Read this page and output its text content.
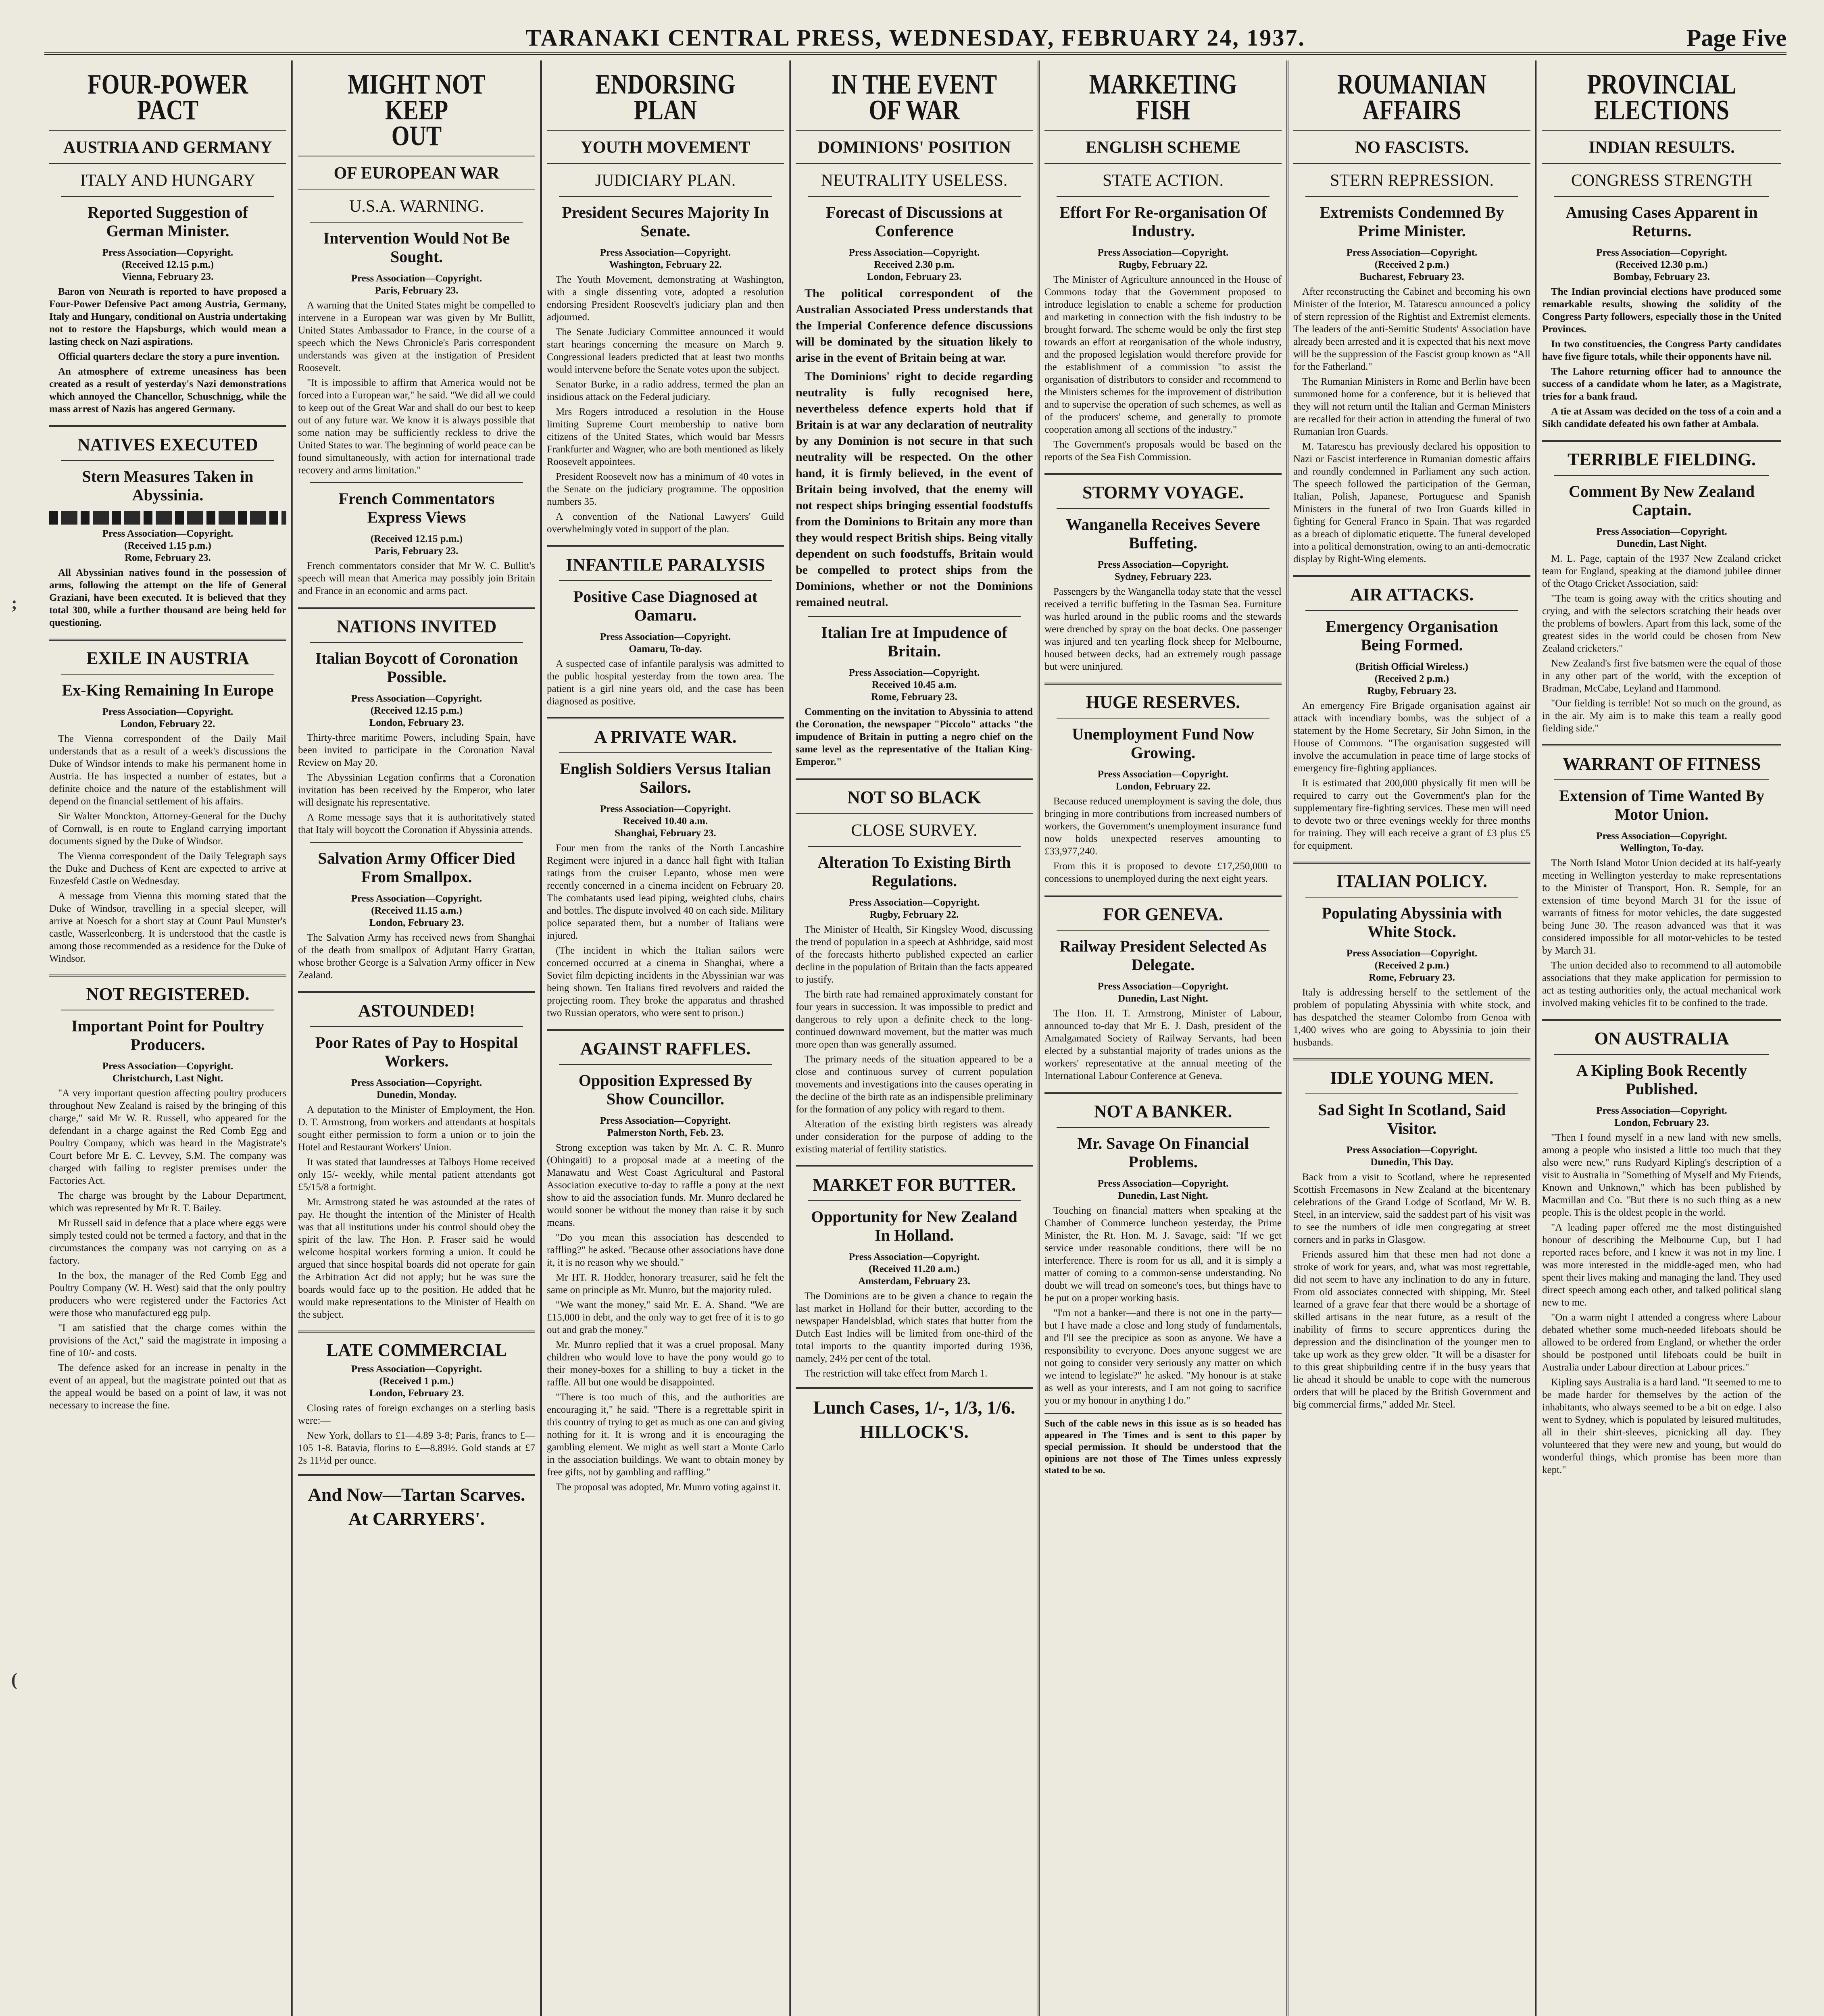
TARANAKI CENTRAL PRESS, WEDNESDAY, FEBRUARY 24, 1937.	Page Five
;
(
FOUR-POWER
PACT
AUSTRIA AND GERMANY
ITALY AND HUNGARY
Reported Suggestion of German Minister.
Press Association—Copyright.
(Received 12.15 p.m.)
Vienna, February 23.

Baron von Neurath is reported to have proposed a Four-Power Defensive Pact among Austria, Germany, Italy and Hungary, conditional on Austria undertaking not to restore the Hapsburgs, which would mean a lasting check on Nazi aspirations.

Official quarters declare the story a pure invention.

An atmosphere of extreme uneasiness has been created as a result of yesterday's Nazi demonstrations which annoyed the Chancellor, Schuschnigg, while the mass arrest of Nazis has angered Germany.

NATIVES EXECUTED
Stern Measures Taken in Abyssinia.
Press Association—Copyright.
(Received 1.15 p.m.)
Rome, February 23.

All Abyssinian natives found in the possession of arms, following the attempt on the life of General Graziani, have been executed. It is believed that they total 300, while a further thousand are being held for questioning.

EXILE IN AUSTRIA
Ex-King Remaining In Europe
Press Association—Copyright.
London, February 22.

The Vienna correspondent of the Daily Mail understands that as a result of a week's discussions the Duke of Windsor intends to make his permanent home in Austria. He has inspected a number of estates, but a definite choice and the nature of the establishment will depend on the financial settlement of his affairs.

Sir Walter Monckton, Attorney-General for the Duchy of Cornwall, is en route to England carrying important documents signed by the Duke of Windsor.

The Vienna correspondent of the Daily Telegraph says the Duke and Duchess of Kent are expected to arrive at Enzesfeld Castle on Wednesday.

A message from Vienna this morning stated that the Duke of Windsor, travelling in a special sleeper, will arrive at Noesch for a short stay at Count Paul Munster's castle, Wasserleonberg. It is understood that the castle is among those recommended as a residence for the Duke of Windsor.

NOT REGISTERED.
Important Point for Poultry Producers.
Press Association—Copyright.
Christchurch, Last Night.

"A very important question affecting poultry producers throughout New Zealand is raised by the bringing of this charge," said Mr W. R. Russell, who appeared for the defendant in a charge against the Red Comb Egg and Poultry Company, which was heard in the Magistrate's Court before Mr E. C. Levvey, S.M. The company was charged with failing to register premises under the Factories Act.

The charge was brought by the Labour Department, which was represented by Mr R. T. Bailey.

Mr Russell said in defence that a place where eggs were simply tested could not be termed a factory, and that in the circumstances the company was not carrying on as a factory.

In the box, the manager of the Red Comb Egg and Poultry Company (W. H. West) said that the only poultry producers who were registered under the Factories Act were those who manufactured egg pulp.

"I am satisfied that the charge comes within the provisions of the Act," said the magistrate in imposing a fine of 10/- and costs.

The defence asked for an increase in penalty in the event of an appeal, but the magistrate pointed out that as the appeal would be based on a point of law, it was not necessary to increase the fine.

MIGHT NOT KEEP
OUT
OF EUROPEAN WAR
U.S.A. WARNING.
Intervention Would Not Be Sought.
Press Association—Copyright.
Paris, February 23.

A warning that the United States might be compelled to intervene in a European war was given by Mr Bullitt, United States Ambassador to France, in the course of a speech which the News Chronicle's Paris correspondent understands was given at the instigation of President Roosevelt.

"It is impossible to affirm that America would not be forced into a European war," he said. "We did all we could to keep out of the Great War and shall do our best to keep out of any future war. We know it is always possible that some nation may be sufficiently reckless to drive the United States to war. The beginning of world peace can be found simultaneously, with action for international trade recovery and arms limitation."

French Commentators Express Views
(Received 12.15 p.m.)
Paris, February 23.

French commentators consider that Mr W. C. Bullitt's speech will mean that America may possibly join Britain and France in an economic and arms pact.

NATIONS INVITED
Italian Boycott of Coronation Possible.
Press Association—Copyright.
(Received 12.15 p.m.)
London, February 23.

Thirty-three maritime Powers, including Spain, have been invited to participate in the Coronation Naval Review on May 20.

The Abyssinian Legation confirms that a Coronation invitation has been received by the Emperor, who later will designate his representative.

A Rome message says that it is authoritatively stated that Italy will boycott the Coronation if Abyssinia attends.

Salvation Army Officer Died From Smallpox.
Press Association—Copyright.
(Received 11.15 a.m.)
London, February 23.

The Salvation Army has received news from Shanghai of the death from smallpox of Adjutant Harry Grattan, whose brother George is a Salvation Army officer in New Zealand.

ASTOUNDED!
Poor Rates of Pay to Hospital Workers.
Press Association—Copyright.
Dunedin, Monday.

A deputation to the Minister of Employment, the Hon. D. T. Armstrong, from workers and attendants at hospitals sought either permission to form a union or to join the Hotel and Restaurant Workers' Union.

It was stated that laundresses at Talboys Home received only 15/- weekly, while mental patient attendants got £5/15/8 a fortnight.

Mr. Armstrong stated he was astounded at the rates of pay. He thought the intention of the Minister of Health was that all institutions under his control should obey the spirit of the law. The Hon. P. Fraser said he would welcome hospital workers forming a union. It could be argued that since hospital boards did not operate for gain the Arbitration Act did not apply; but he was sure the boards would face up to the position. He added that he would make representations to the Minister of Health on the subject.

LATE COMMERCIAL
Press Association—Copyright.
(Received 1 p.m.)
London, February 23.

Closing rates of foreign exchanges on a sterling basis were:—

New York, dollars to £1—4.89 3-8; Paris, francs to £—105 1-8. Batavia, florins to £—8.89½. Gold stands at £7 2s 11½d per ounce.

And Now—Tartan Scarves.
At CARRYERS'.
ENDORSING
PLAN
YOUTH MOVEMENT
JUDICIARY PLAN.
President Secures Majority In Senate.
Press Association—Copyright.
Washington, February 22.

The Youth Movement, demonstrating at Washington, with a single dissenting vote, adopted a resolution endorsing President Roosevelt's judiciary plan and then adjourned.

The Senate Judiciary Committee announced it would start hearings concerning the measure on March 9. Congressional leaders predicted that at least two months would intervene before the Senate votes upon the subject.

Senator Burke, in a radio address, termed the plan an insidious attack on the Federal judiciary.

Mrs Rogers introduced a resolution in the House limiting Supreme Court membership to native born citizens of the United States, which would bar Messrs Frankfurter and Wagner, who are both mentioned as likely Roosevelt appointees.

President Roosevelt now has a minimum of 40 votes in the Senate on the judiciary programme. The opposition numbers 35.

A convention of the National Lawyers' Guild overwhelmingly voted in support of the plan.

INFANTILE PARALYSIS
Positive Case Diagnosed at Oamaru.
Press Association—Copyright.
Oamaru, To-day.

A suspected case of infantile paralysis was admitted to the public hospital yesterday from the town area. The patient is a girl nine years old, and the case has been diagnosed as positive.

A PRIVATE WAR.
English Soldiers Versus Italian Sailors.
Press Association—Copyright.
Received 10.40 a.m.
Shanghai, February 23.

Four men from the ranks of the North Lancashire Regiment were injured in a dance hall fight with Italian ratings from the cruiser Lepanto, whose men were recently concerned in a cinema incident on February 20. The combatants used lead piping, weighted clubs, chairs and bottles. The dispute involved 40 on each side. Military police separated them, but a number of Italians were injured.

(The incident in which the Italian sailors were concerned occurred at a cinema in Shanghai, where a Soviet film depicting incidents in the Abyssinian war was being shown. Ten Italians fired revolvers and raided the projecting room. They broke the apparatus and thrashed two Russian operators, who were sent to prison.)

AGAINST RAFFLES.
Opposition Expressed By Show Councillor.
Press Association—Copyright.
Palmerston North, Feb. 23.

Strong exception was taken by Mr. A. C. R. Munro (Ohingaiti) to a proposal made at a meeting of the Manawatu and West Coast Agricultural and Pastoral Association executive to-day to raffle a pony at the next show to aid the association funds. Mr. Munro declared he would sooner be without the money than raise it by such means.

"Do you mean this association has descended to raffling?" he asked. "Because other associations have done it, it is no reason why we should."

Mr HT. R. Hodder, honorary treasurer, said he felt the same on principle as Mr. Munro, but the majority ruled.

"We want the money," said Mr. E. A. Shand. "We are £15,000 in debt, and the only way to get free of it is to go out and grab the money."

Mr. Munro replied that it was a cruel proposal. Many children who would love to have the pony would go to their money-boxes for a shilling to buy a ticket in the raffle. All but one would be disappointed.

"There is too much of this, and the authorities are encouraging it," he said. "There is a regrettable spirit in this country of trying to get as much as one can and giving nothing for it. It is wrong and it is encouraging the gambling element. We might as well start a Monte Carlo in the association buildings. We want to obtain money by free gifts, not by gambling and raffling."

The proposal was adopted, Mr. Munro voting against it.

IN THE EVENT
OF WAR
DOMINIONS' POSITION
NEUTRALITY USELESS.
Forecast of Discussions at Conference
Press Association—Copyright.
Received 2.30 p.m.
London, February 23.

The political correspondent of the Australian Associated Press understands that the Imperial Conference defence discussions will be dominated by the situation likely to arise in the event of Britain being at war.

The Dominions' right to decide regarding neutrality is fully recognised here, nevertheless defence experts hold that if Britain is at war any declaration of neutrality by any Dominion is not secure in that such neutrality will be respected. On the other hand, it is firmly believed, in the event of Britain being involved, that the enemy will not respect ships bringing essential foodstuffs from the Dominions to Britain any more than they would respect British ships. Being vitally dependent on such foodstuffs, Britain would be compelled to protect ships from the Dominions, whether or not the Dominions remained neutral.

Italian Ire at Impudence of Britain.
Press Association—Copyright.
Received 10.45 a.m.
Rome, February 23.

Commenting on the invitation to Abyssinia to attend the Coronation, the newspaper "Piccolo" attacks "the impudence of Britain in putting a negro chief on the same level as the representative of the Italian King-Emperor."

NOT SO BLACK
CLOSE SURVEY.
Alteration To Existing Birth Regulations.
Press Association—Copyright.
Rugby, February 22.

The Minister of Health, Sir Kingsley Wood, discussing the trend of population in a speech at Ashbridge, said most of the forecasts hitherto published expected an earlier decline in the population of Britain than the facts appeared to justify.

The birth rate had remained approximately constant for four years in succession. It was impossible to predict and dangerous to rely upon a definite check to the long-continued downward movement, but the matter was much more open than was generally assumed.

The primary needs of the situation appeared to be a close and continuous survey of current population movements and investigations into the causes operating in the decline of the birth rate as an indispensible preliminary for the formation of any policy with regard to them.

Alteration of the existing birth registers was already under consideration for the purpose of adding to the existing material of fertility statistics.

MARKET FOR BUTTER.
Opportunity for New Zealand In Holland.
Press Association—Copyright.
(Received 11.20 a.m.)
Amsterdam, February 23.

The Dominions are to be given a chance to regain the last market in Holland for their butter, according to the newspaper Handelsblad, which states that butter from the Dutch East Indies will be limited from one-third of the total imports to the quantity imported during 1936, namely, 24½ per cent of the total.

The restriction will take effect from March 1.

Lunch Cases, 1/-, 1/3, 1/6.
HILLOCK'S.
MARKETING
FISH
ENGLISH SCHEME
STATE ACTION.
Effort For Re-organisation Of Industry.
Press Association—Copyright.
Rugby, February 22.

The Minister of Agriculture announced in the House of Commons today that the Government proposed to introduce legislation to enable a scheme for production and marketing in connection with the fish industry to be brought forward. The scheme would be only the first step towards an effort at reorganisation of the whole industry, and the proposed legislation would therefore provide for the establishment of a commission "to assist the organisation of distributors to consider and recommend to the Ministers schemes for the improvement of distribution and to supervise the operation of such schemes, as well as of the producers' scheme, and generally to promote cooperation among all sections of the industry."

The Government's proposals would be based on the reports of the Sea Fish Commission.

STORMY VOYAGE.
Wanganella Receives Severe Buffeting.
Press Association—Copyright.
Sydney, February 223.

Passengers by the Wanganella today state that the vessel received a terrific buffeting in the Tasman Sea. Furniture was hurled around in the public rooms and the stewards were drenched by spray on the boat decks. One passenger was injured and ten yearling flock sheep for Melbourne, housed between decks, had an extremely rough passage but were uninjured.

HUGE RESERVES.
Unemployment Fund Now Growing.
Press Association—Copyright.
London, February 22.

Because reduced unemployment is saving the dole, thus bringing in more contributions from increased numbers of workers, the Government's unemployment insurance fund now holds unexpected reserves amounting to £33,977,240.

From this it is proposed to devote £17,250,000 to concessions to unemployed during the next eight years.

FOR GENEVA.
Railway President Selected As Delegate.
Press Association—Copyright.
Dunedin, Last Night.

The Hon. H. T. Armstrong, Minister of Labour, announced to-day that Mr E. J. Dash, president of the Amalgamated Society of Railway Servants, had been elected by a substantial majority of trades unions as the workers' representative at the annual meeting of the International Labour Conference at Geneva.

NOT A BANKER.
Mr. Savage On Financial Problems.
Press Association—Copyright.
Dunedin, Last Night.

Touching on financial matters when speaking at the Chamber of Commerce luncheon yesterday, the Prime Minister, the Rt. Hon. M. J. Savage, said: "If we get service under reasonable conditions, there will be no interference. There is room for us all, and it is simply a matter of coming to a common-sense understanding. No doubt we will tread on someone's toes, but things have to be put on a proper working basis.

"I'm not a banker—and there is not one in the party—but I have made a close and long study of fundamentals, and I'll see the precipice as soon as anyone. We have a responsibility to everyone. Does anyone suggest we are not going to consider very seriously any matter on which we intend to legislate?" he asked. "My honour is at stake as well as your interests, and I am not going to sacrifice you or my honour in anything I do."

Such of the cable news in this issue as is so headed has appeared in The Times and is sent to this paper by special permission. It should be understood that the opinions are not those of The Times unless expressly stated to be so.
ROUMANIAN
AFFAIRS
NO FASCISTS.
STERN REPRESSION.
Extremists Condemned By Prime Minister.
Press Association—Copyright.
(Received 2 p.m.)
Bucharest, February 23.

After reconstructing the Cabinet and becoming his own Minister of the Interior, M. Tatarescu announced a policy of stern repression of the Rightist and Extremist elements. The leaders of the anti-Semitic Students' Association have already been arrested and it is expected that his next move will be the suppression of the Fascist group known as "All for the Fatherland."

The Rumanian Ministers in Rome and Berlin have been summoned home for a conference, but it is believed that they will not return until the Italian and German Ministers are recalled for their action in attending the funeral of two Rumanian Iron Guards.

M. Tatarescu has previously declared his opposition to Nazi or Fascist interference in Rumanian domestic affairs and roundly condemned in Parliament any such action. The speech followed the participation of the German, Italian, Polish, Japanese, Portuguese and Spanish Ministers in the funeral of two Iron Guards killed in fighting for General Franco in Spain. That was regarded as a breach of diplomatic etiquette. The funeral developed into a political demonstration, owing to an anti-democratic display by Right-Wing elements.

AIR ATTACKS.
Emergency Organisation Being Formed.
(British Official Wireless.)
(Received 2 p.m.)
Rugby, February 23.

An emergency Fire Brigade organisation against air attack with incendiary bombs, was the subject of a statement by the Home Secretary, Sir John Simon, in the House of Commons. "The organisation suggested will involve the accumulation in peace time of large stocks of emergency fire-fighting appliances.

It is estimated that 200,000 physically fit men will be required to carry out the Government's plan for the supplementary fire-fighting services. These men will need to devote two or three evenings weekly for three months for training. They will each receive a grant of £3 plus £5 for equipment.

ITALIAN POLICY.
Populating Abyssinia with White Stock.
Press Association—Copyright.
(Received 2 p.m.)
Rome, February 23.

Italy is addressing herself to the settlement of the problem of populating Abyssinia with white stock, and has despatched the steamer Colombo from Genoa with 1,400 wives who are going to Abyssinia to join their husbands.

IDLE YOUNG MEN.
Sad Sight In Scotland, Said Visitor.
Press Association—Copyright.
Dunedin, This Day.

Back from a visit to Scotland, where he represented Scottish Freemasons in New Zealand at the bicentenary celebrations of the Grand Lodge of Scotland, Mr W. B. Steel, in an interview, said the saddest part of his visit was to see the numbers of idle men congregating at street corners and in parks in Glasgow.

Friends assured him that these men had not done a stroke of work for years, and, what was most regrettable, did not seem to have any inclination to do any in future. From old associates connected with shipping, Mr. Steel learned of a grave fear that there would be a shortage of skilled artisans in the near future, as a result of the inability of firms to secure apprentices during the depression and the disinclination of the younger men to take up work as they grew older. "It will be a disaster for to this great shipbuilding centre if in the busy years that lie ahead it should be unable to cope with the numerous orders that will be placed by the British Government and big commercial firms," added Mr. Steel.

PROVINCIAL
ELECTIONS
INDIAN RESULTS.
CONGRESS STRENGTH
Amusing Cases Apparent in Returns.
Press Association—Copyright.
(Received 12.30 p.m.)
Bombay, February 23.

The Indian provincial elections have produced some remarkable results, showing the solidity of the Congress Party followers, especially those in the United Provinces.

In two constituencies, the Congress Party candidates have five figure totals, while their opponents have nil.

The Lahore returning officer had to announce the success of a candidate whom he later, as a Magistrate, tries for a bank fraud.

A tie at Assam was decided on the toss of a coin and a Sikh candidate defeated his own father at Ambala.

TERRIBLE FIELDING.
Comment By New Zealand Captain.
Press Association—Copyright.
Dunedin, Last Night.

M. L. Page, captain of the 1937 New Zealand cricket team for England, speaking at the diamond jubilee dinner of the Otago Cricket Association, said:

"The team is going away with the critics shouting and crying, and with the selectors scratching their heads over the problems of bowlers. Apart from this lack, some of the greatest sides in the world could be chosen from New Zealand cricketers."

New Zealand's first five batsmen were the equal of those in any other part of the world, with the exception of Bradman, McCabe, Leyland and Hammond.

"Our fielding is terrible! Not so much on the ground, as in the air. My aim is to make this team a really good fielding side."

WARRANT OF FITNESS
Extension of Time Wanted By Motor Union.
Press Association—Copyright.
Wellington, To-day.

The North Island Motor Union decided at its half-yearly meeting in Wellington yesterday to make representations to the Minister of Transport, Hon. R. Semple, for an extension of time beyond March 31 for the issue of warrants of fitness for motor vehicles, the date suggested being June 30. The reason advanced was that it was considered impossible for all motor-vehicles to be tested by March 31.

The union decided also to recommend to all automobile associations that they make application for permission to act as testing authorities only, the actual mechanical work involved making vehicles fit to be confined to the trade.

ON AUSTRALIA
A Kipling Book Recently Published.
Press Association—Copyright.
London, February 23.

"Then I found myself in a new land with new smells, among a people who insisted a little too much that they also were new," runs Rudyard Kipling's description of a visit to Australia in "Something of Myself and My Friends, Known and Unknown," which has been published by Macmillan and Co. "But there is no such thing as a new people. This is the oldest people in the world.

"A leading paper offered me the most distinguished honour of describing the Melbourne Cup, but I had reported races before, and I knew it was not in my line. I was more interested in the middle-aged men, who had spent their lives making and managing the land. They used direct speech among each other, and talked political slang new to me.

"On a warm night I attended a congress where Labour debated whether some much-needed lifeboats should be allowed to be ordered from England, or whether the order should be postponed until lifeboats could be built in Australia under Labour direction at Labour prices."

Kipling says Australia is a hard land. "It seemed to me to be made harder for themselves by the action of the inhabitants, who always seemed to be a bit on edge. I also went to Sydney, which is populated by leisured multitudes, all in their shirt-sleeves, picnicking all day. They volunteered that they were new and young, but would do wonderful things, which promise has been more than kept."
